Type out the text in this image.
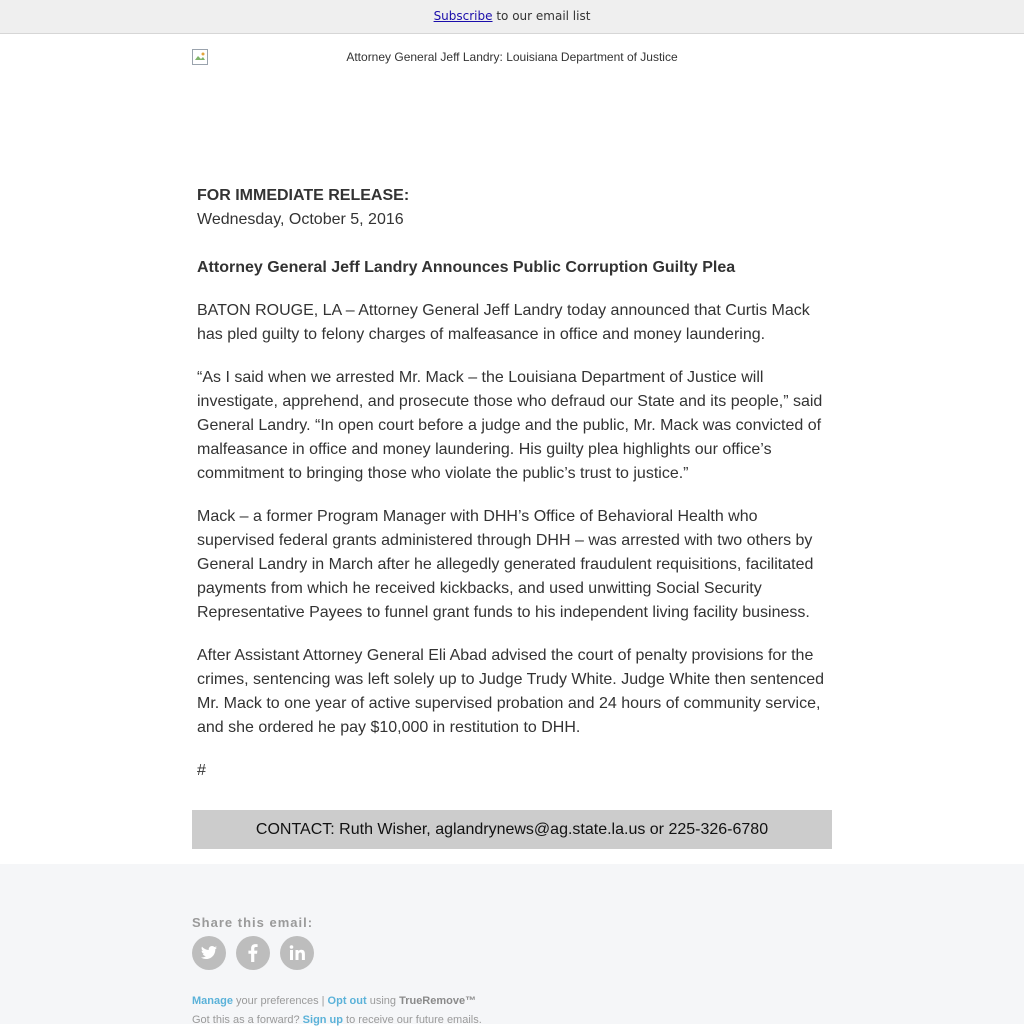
Subscribe to our email list
Attorney General Jeff Landry: Louisiana Department of Justice

FOR IMMEDIATE RELEASE:

Wednesday, October 5, 2016

Attorney General Jeff Landry Announces Public Corruption Guilty Plea

BATON ROUGE, LA – Attorney General Jeff Landry today announced that Curtis Mack has pled guilty to felony charges of malfeasance in office and money laundering.

“As I said when we arrested Mr. Mack – the Louisiana Department of Justice will investigate, apprehend, and prosecute those who defraud our State and its people,” said General Landry. “In open court before a judge and the public, Mr. Mack was convicted of malfeasance in office and money laundering. His guilty plea highlights our office’s commitment to bringing those who violate the public’s trust to justice.”

Mack – a former Program Manager with DHH’s Office of Behavioral Health who supervised federal grants administered through DHH – was arrested with two others by General Landry in March after he allegedly generated fraudulent requisitions, facilitated payments from which he received kickbacks, and used unwitting Social Security Representative Payees to funnel grant funds to his independent living facility business.

After Assistant Attorney General Eli Abad advised the court of penalty provisions for the crimes, sentencing was left solely up to Judge Trudy White. Judge White then sentenced Mr. Mack to one year of active supervised probation and 24 hours of community service, and she ordered he pay $10,000 in restitution to DHH.

#

CONTACT: Ruth Wisher, aglandrynews@ag.state.la.us or 225-326-6780
Share this email:
Manage your preferences | Opt out using TrueRemove™
Got this as a forward? Sign up to receive our future emails.
